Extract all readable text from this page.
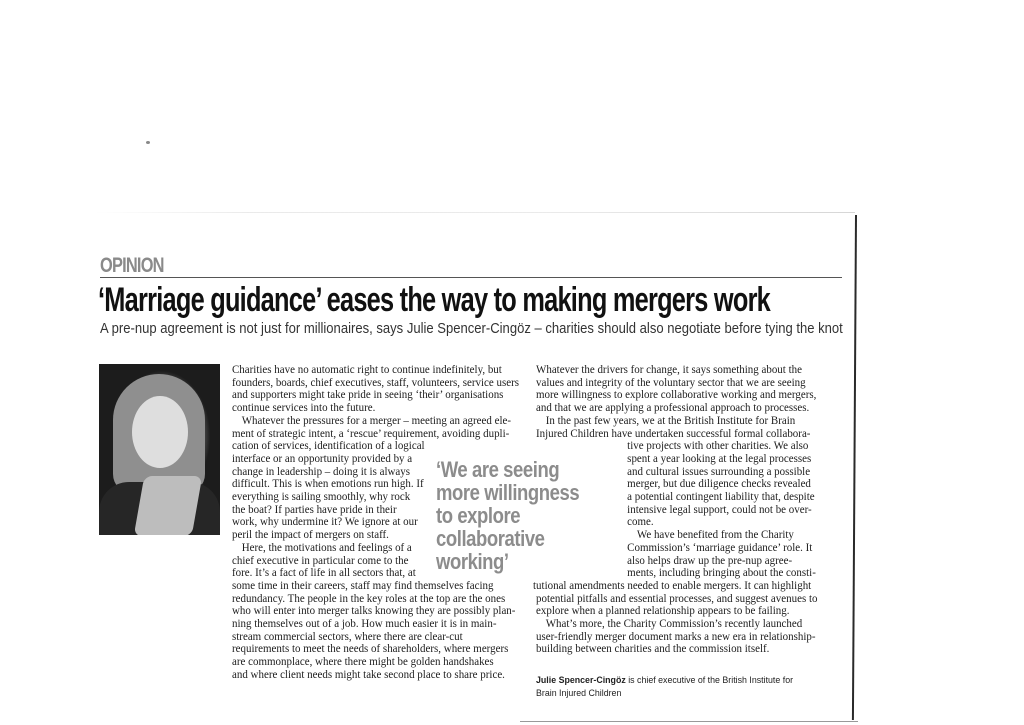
OPINION
‘Marriage guidance’ eases the way to making mergers work
A pre-nup agreement is not just for millionaires, says Julie Spencer-Cingöz – charities should also negotiate before tying the knot
Charities have no automatic right to continue indefinitely, but
founders, boards, chief executives, staff, volunteers, service users
and supporters might take pride in seeing ‘their’ organisations
continue services into the future.
Whatever the pressures for a merger – meeting an agreed ele-
ment of strategic intent, a ‘rescue’ requirement, avoiding dupli-
cation of services, identification of a logical
interface or an opportunity provided by a
change in leadership – doing it is always
difficult. This is when emotions run high. If
everything is sailing smoothly, why rock
the boat? If parties have pride in their
work, why undermine it? We ignore at our
peril the impact of mergers on staff.
Here, the motivations and feelings of a
chief executive in particular come to the
fore. It’s a fact of life in all sectors that, at
some time in their careers, staff may find themselves facing
redundancy. The people in the key roles at the top are the ones
who will enter into merger talks knowing they are possibly plan-
ning themselves out of a job. How much easier it is in main-
stream commercial sectors, where there are clear-cut
requirements to meet the needs of shareholders, where mergers
are commonplace, where there might be golden handshakes
and where client needs might take second place to share price.
Whatever the drivers for change, it says something about the
values and integrity of the voluntary sector that we are seeing
more willingness to explore collaborative working and mergers,
and that we are applying a professional approach to processes.
In the past few years, we at the British Institute for Brain
Injured Children have undertaken successful formal collabora-
tive projects with other charities. We also
spent a year looking at the legal processes
and cultural issues surrounding a possible
merger, but due diligence checks revealed
a potential contingent liability that, despite
intensive legal support, could not be over-
come.
We have benefited from the Charity
Commission’s ‘marriage guidance’ role. It
also helps draw up the pre-nup agree-
ments, including bringing about the consti-
tutional amendments needed to enable mergers. It can highlight
potential pitfalls and essential processes, and suggest avenues to
explore when a planned relationship appears to be failing.
What’s more, the Charity Commission’s recently launched
user-friendly merger document marks a new era in relationship-
building between charities and the commission itself.
‘We are seeing
more willingness
to explore
collaborative
working’
Julie Spencer-Cingöz is chief executive of the British Institute for
Brain Injured Children
